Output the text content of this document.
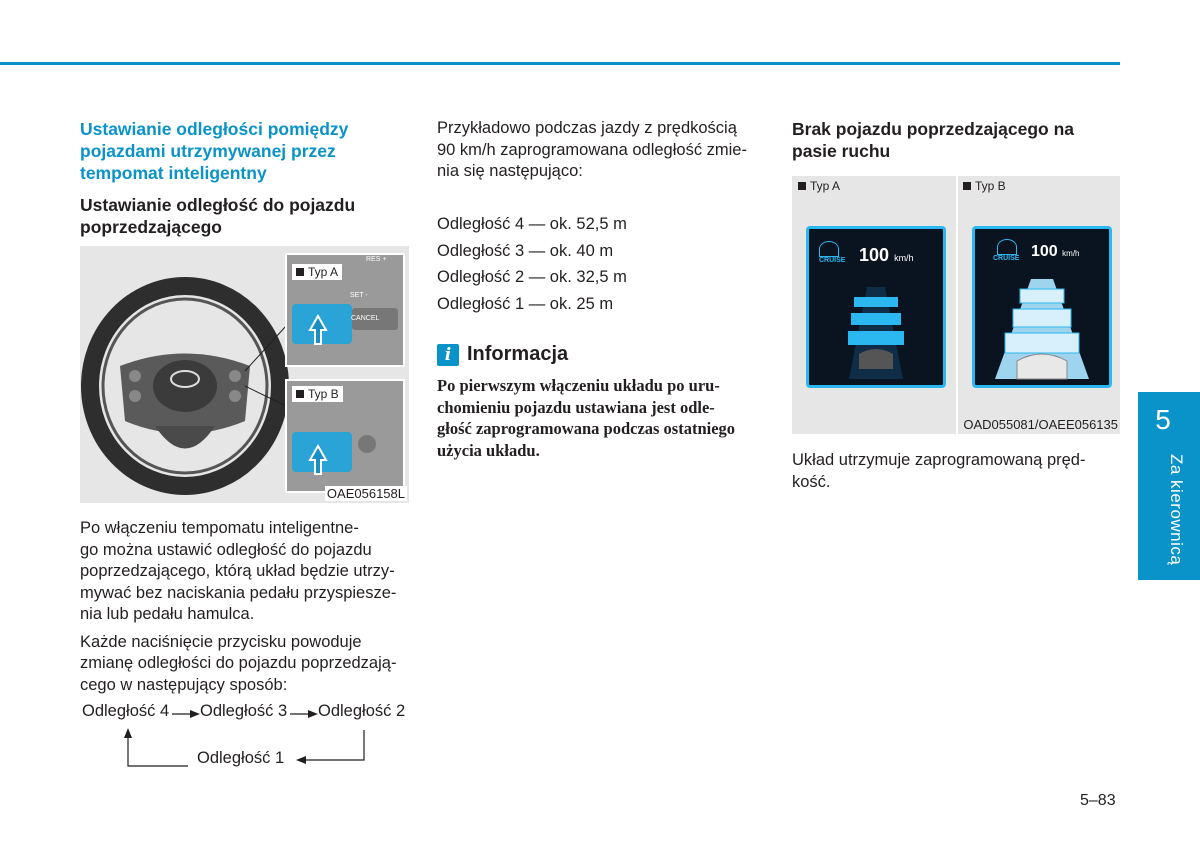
Ustawianie odległości pomiędzy
pojazdami utrzymywanej przez
tempomat inteligentny
Ustawianie odległość do pojazdu
poprzedzającego
Typ A
RES +
SET -
CANCEL
Typ B
OAE056158L

Po włączeniu tempomatu inteligentne-
go można ustawić odległość do pojazdu
poprzedzającego, którą układ będzie utrzy-
mywać bez naciskania pedału przyspiesze-
nia lub pedału hamulca.

Każde naciśnięcie przycisku powoduje
zmianę odległości do pojazdu poprzedzają-
cego w następujący sposób:

Odległość 4 Odległość 3 Odległość 2
Odległość 1
Przykładowo podczas jazdy z prędkością
90 km/h zaprogramowana odległość zmie-
nia się następująco:
Odległość 4 — ok. 52,5 m
Odległość 3 — ok. 40 m
Odległość 2 — ok. 32,5 m
Odległość 1 — ok. 25 m
i Informacja
Po pierwszym włączeniu układu po uru-
chomieniu pojazdu ustawiana jest odle-
głość zaprogramowana podczas ostatniego
użycia układu.
Brak pojazdu poprzedzającego na
pasie ruchu
Typ A	Typ B
CRUISE 100 km/h	CRUISE 100 km/h
OAD055081/OAEE056135
Układ utrzymuje zaprogramowaną pręd-
kość.
5
Za kierownicą
5–83
